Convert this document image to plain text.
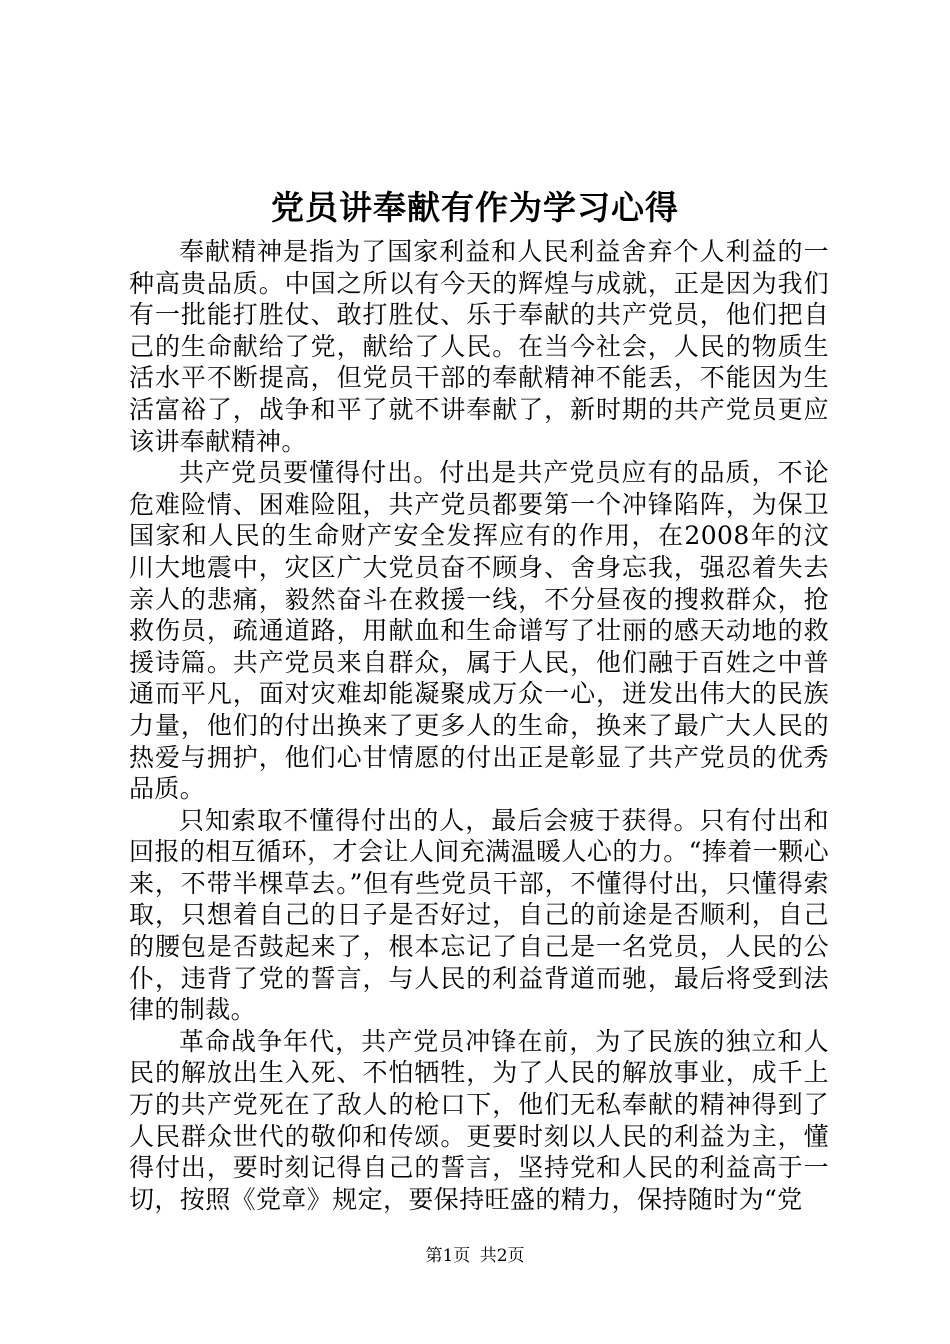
党员讲奉献有作为学习心得

奉献精神是指为了国家利益和人民利益舍弃个人利益的一种高贵品质。中国之所以有今天的辉煌与成就，正是因为我们有一批能打胜仗、敢打胜仗、乐于奉献的共产党员，他们把自己的生命献给了党，献给了人民。在当今社会，人民的物质生活水平不断提高，但党员干部的奉献精神不能丢，不能因为生活富裕了，战争和平了就不讲奉献了，新时期的共产党员更应该讲奉献精神。

共产党员要懂得付出。付出是共产党员应有的品质，不论危难险情、困难险阻，共产党员都要第一个冲锋陷阵，为保卫国家和人民的生命财产安全发挥应有的作用，在2008年的汶川大地震中，灾区广大党员奋不顾身、舍身忘我，强忍着失去亲人的悲痛，毅然奋斗在救援一线，不分昼夜的搜救群众，抢救伤员，疏通道路，用献血和生命谱写了壮丽的感天动地的救援诗篇。共产党员来自群众，属于人民，他们融于百姓之中普通而平凡，面对灾难却能凝聚成万众一心，迸发出伟大的民族力量，他们的付出换来了更多人的生命，换来了最广大人民的热爱与拥护，他们心甘情愿的付出正是彰显了共产党员的优秀品质。

只知索取不懂得付出的人，最后会疲于获得。只有付出和回报的相互循环，才会让人间充满温暖人心的力。“捧着一颗心来，不带半棵草去。”但有些党员干部，不懂得付出，只懂得索取，只想着自己的日子是否好过，自己的前途是否顺利，自己的腰包是否鼓起来了，根本忘记了自己是一名党员，人民的公仆，违背了党的誓言，与人民的利益背道而驰，最后将受到法律的制裁。

革命战争年代，共产党员冲锋在前，为了民族的独立和人民的解放出生入死、不怕牺牲，为了人民的解放事业，成千上万的共产党死在了敌人的枪口下，他们无私奉献的精神得到了人民群众世代的敬仰和传颂。更要时刻以人民的利益为主，懂得付出，要时刻记得自己的誓言，坚持党和人民的利益高于一切，按照《党章》规定，要保持旺盛的精力，保持随时为“党

第1页 共2页
